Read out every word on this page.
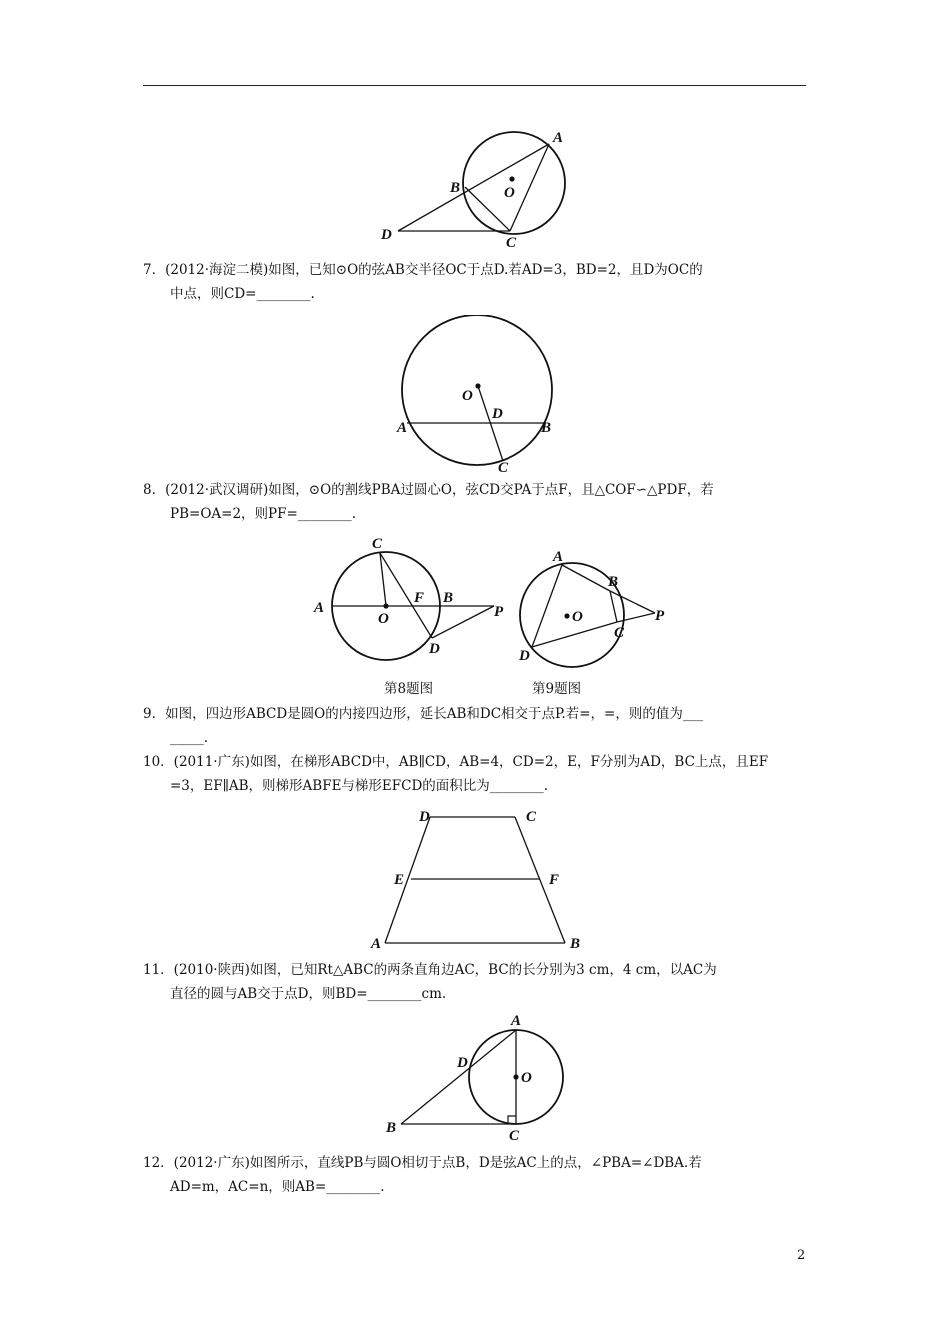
A
B	O
D	C
7．(2012·海淀二模)如图，已知⊙O的弦AB交半径OC于点D.若AD=3，BD=2，且D为OC的
中点，则CD=________.
O
D
A	B
C
8．(2012·武汉调研)如图，⊙O的割线PBA过圆心O，弦CD交PA于点F，且△COF∽△PDF，若
PB=OA=2，则PF=________.
C
A
O
F B
P
D
A
B
O	P
C
D
第8题图	第9题图
9．如图，四边形ABCD是圆O的内接四边形，延长AB和DC相交于点P.若=，=，则的值为___
_____.
10．(2011·广东)如图，在梯形ABCD中，AB∥CD，AB=4，CD=2，E，F分别为AD，BC上点，且EF
=3，EF∥AB，则梯形ABFE与梯形EFCD的面积比为________.
D	C
E	F
A	B
11．(2010·陕西)如图，已知Rt△ABC的两条直角边AC，BC的长分别为3 cm，4 cm，以AC为
直径的圆与AB交于点D，则BD=________cm.
A
D
O
B	C
12．(2012·广东)如图所示，直线PB与圆O相切于点B，D是弦AC上的点，∠PBA=∠DBA.若
AD=m，AC=n，则AB=________.
2
